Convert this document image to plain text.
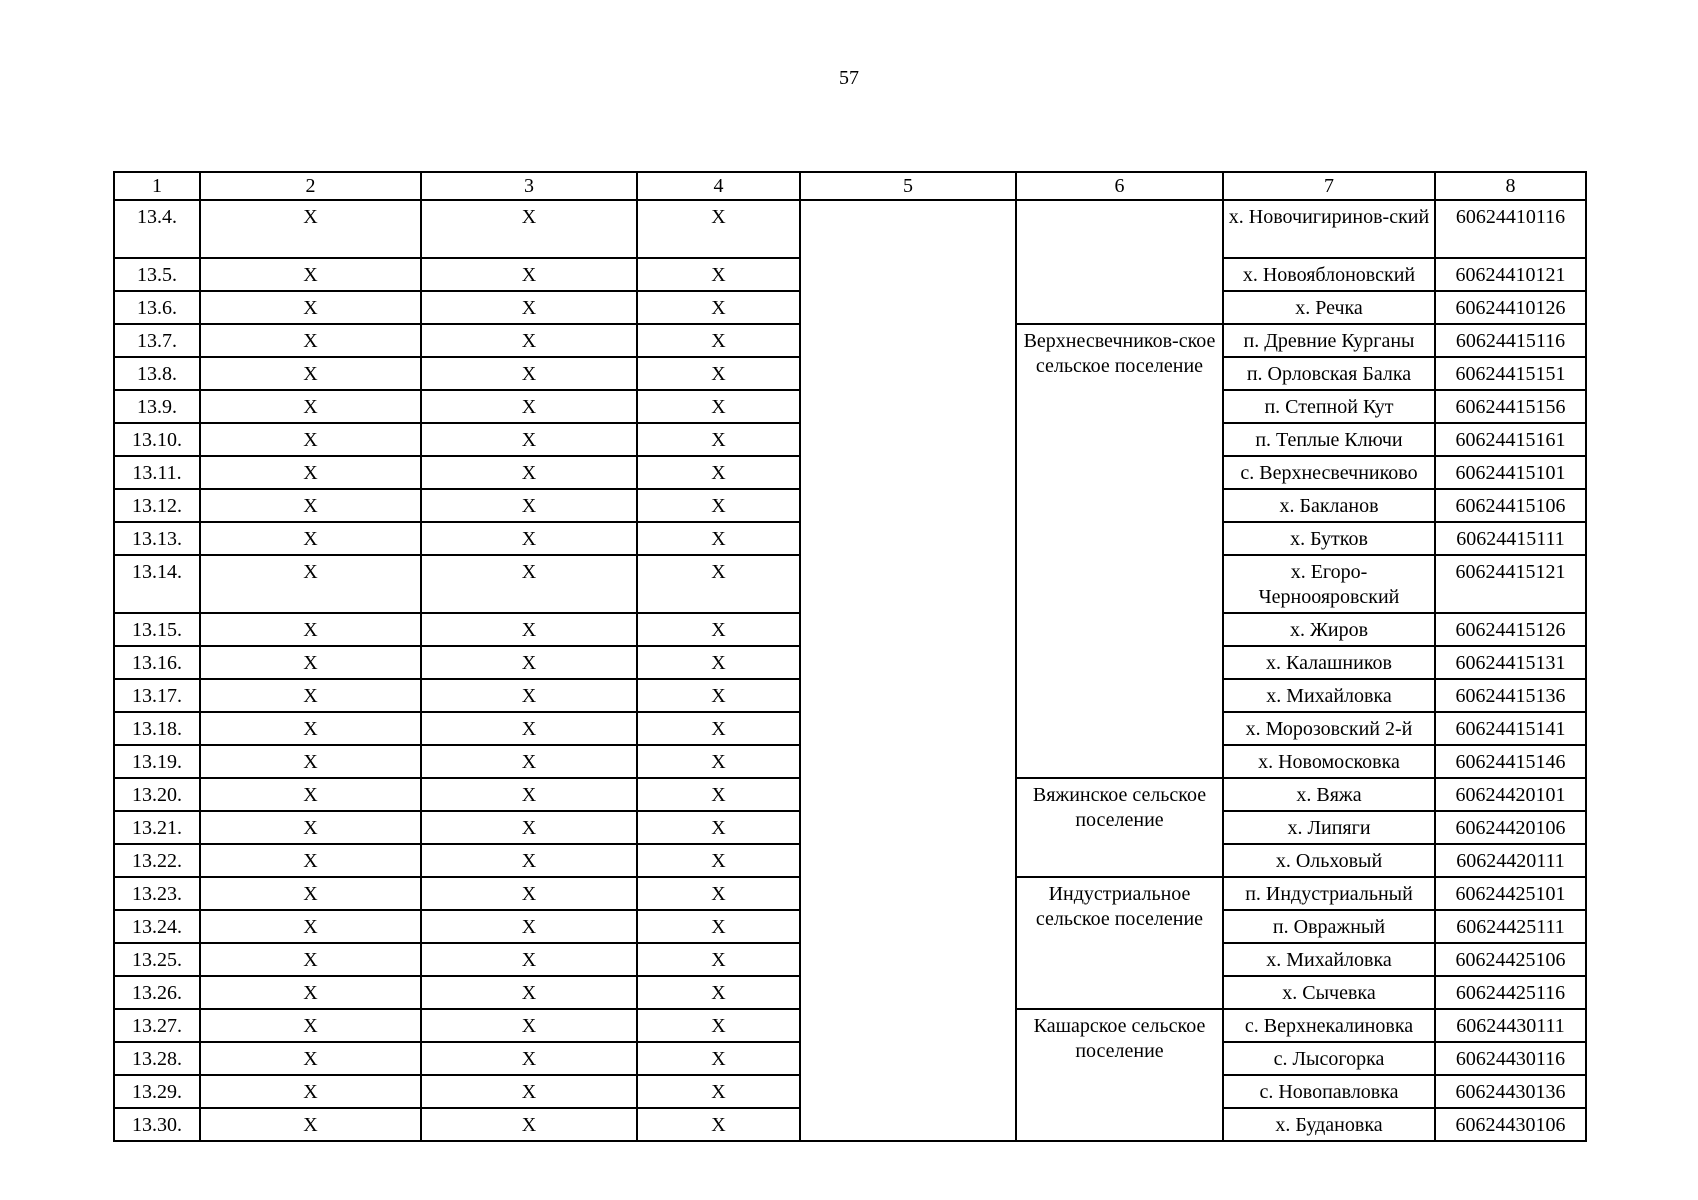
57
1	2	3	4	5	6	7	8
13.4.	Х	Х	Х			х. Новочигиринов-ский	60624410116
13.5.	Х	Х	Х			х. Новояблоновский	60624410121
13.6.	Х	Х	Х			х. Речка	60624410126
13.7.	Х	Х	Х		Верхнесвечников-ское сельское поселение	п. Древние Курганы	60624415116
13.8.	Х	Х	Х			п. Орловская Балка	60624415151
13.9.	Х	Х	Х			п. Степной Кут	60624415156
13.10.	Х	Х	Х			п. Теплые Ключи	60624415161
13.11.	Х	Х	Х			с. Верхнесвечниково	60624415101
13.12.	Х	Х	Х			х. Бакланов	60624415106
13.13.	Х	Х	Х			х. Бутков	60624415111
13.14.	Х	Х	Х			х. Егоро-Черноояровский	60624415121
13.15.	Х	Х	Х			х. Жиров	60624415126
13.16.	Х	Х	Х			х. Калашников	60624415131
13.17.	Х	Х	Х			х. Михайловка	60624415136
13.18.	Х	Х	Х			х. Морозовский 2-й	60624415141
13.19.	Х	Х	Х			х. Новомосковка	60624415146
13.20.	Х	Х	Х		Вяжинское сельское поселение	х. Вяжа	60624420101
13.21.	Х	Х	Х			х. Липяги	60624420106
13.22.	Х	Х	Х			х. Ольховый	60624420111
13.23.	Х	Х	Х		Индустриальное сельское поселение	п. Индустриальный	60624425101
13.24.	Х	Х	Х			п. Овражный	60624425111
13.25.	Х	Х	Х			х. Михайловка	60624425106
13.26.	Х	Х	Х			х. Сычевка	60624425116
13.27.	Х	Х	Х		Кашарское сельское поселение	с. Верхнекалиновка	60624430111
13.28.	Х	Х	Х			с. Лысогорка	60624430116
13.29.	Х	Х	Х			с. Новопавловка	60624430136
13.30.	Х	Х	Х			х. Будановка	60624430106
